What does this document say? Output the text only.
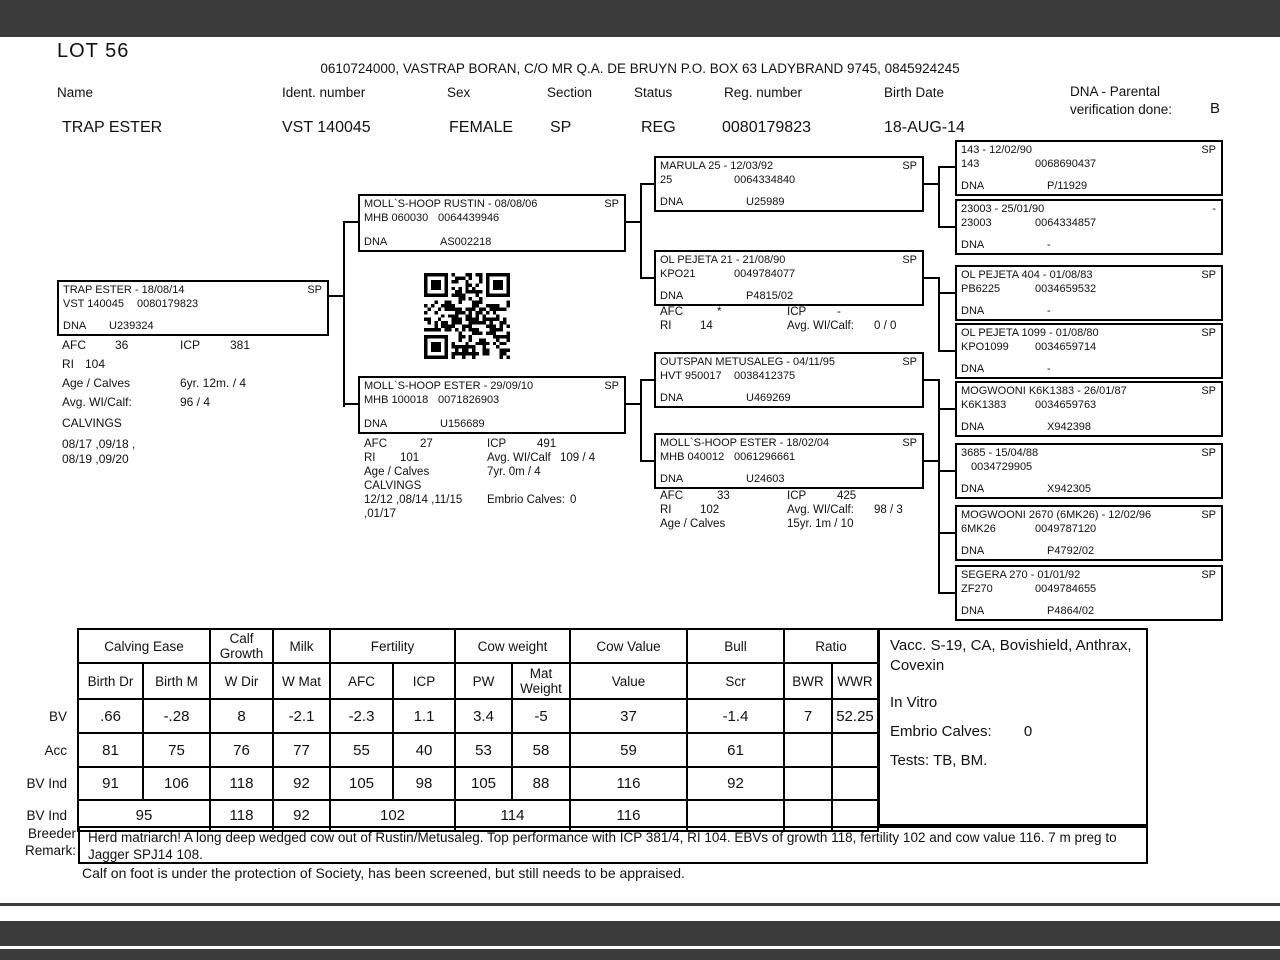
LOT 56
0610724000, VASTRAP BORAN, C/O MR Q.A. DE BRUYN P.O. BOX 63 LADYBRAND 9745, 0845924245
Name	Ident. number	Sex	Section	Status	Reg. number	Birth Date	DNA - Parental
verification done:	B
TRAP ESTER	VST 140045	FEMALE SP	REG	0080179823	18-AUG-14
TRAP ESTER - 18/08/14	SP
VST 140045	0080179823
DNA	U239324
MOLL`S-HOOP RUSTIN - 08/08/06	SP
MHB 060030 0064439946
DNA	AS002218
MOLL`S-HOOP ESTER - 29/09/10	SP
MHB 100018 0071826903
DNA	U156689
MARULA 25 - 12/03/92	SP
25	0064334840
DNA	U25989
OL PEJETA 21 - 21/08/90	SP
KPO21	0049784077
DNA	P4815/02
OUTSPAN METUSALEG - 04/11/95	SP
HVT 950017	0038412375
DNA	U469269
MOLL`S-HOOP ESTER - 18/02/04	SP
MHB 040012 0061296661
DNA	U24603
143 - 12/02/90	SP
143	0068690437
DNA	P/11929
23003 - 25/01/90	-
23003	0064334857
DNA	-
OL PEJETA 404 - 01/08/83	SP
PB6225	0034659532
DNA	-
OL PEJETA 1099 - 01/08/80	SP
KPO1099	0034659714
DNA	-
MOGWOONI K6K1383 - 26/01/87	SP
K6K1383	0034659763
DNA	X942398
3685 - 15/04/88	SP
0034729905
DNA	X942305
MOGWOONI 2670 (6MK26) - 12/02/96	SP
6MK26	0049787120
DNA	P4792/02
SEGERA 270 - 01/01/92	SP
ZF270	0049784655
DNA	P4864/02
AFC	36	ICP	381
RI 104
Age / Calves	6yr. 12m. / 4
Avg. WI/Calf:	96 / 4
CALVINGS
08/17 ,09/18 ,
08/19 ,09/20
AFC	27	ICP	491
RI	101	Avg. WI/Calf 109 / 4
Age / Calves	7yr. 0m / 4
CALVINGS
12/12 ,08/14 ,11/15	Embrio Calves: 0
,01/17
AFC	*	ICP	-
RI	14	Avg. WI/Calf:	0 / 0
AFC	33	ICP	425
RI	102	Avg. WI/Calf:	98 / 3
Age / Calves	15yr. 1m / 10
	Calving Ease		Calf Growth	Milk	Fertility		Cow weight		Cow Value	Bull	Ratio	
	Birth Dr	Birth M	W Dir	W Mat	AFC	ICP	PW	Mat Weight	Value	Scr	BWR	WWR
BV	.66	-.28	8	-2.1	-2.3	1.1	3.4	-5	37	-1.4	7	52.25
Acc	81	75	76	77	55	40	53	58	59	61		
BV Ind	91	106	118	92	105	98	105	88	116	92		
BV Ind	95		118	92	102		114		116			
Vacc. S-19, CA, Bovishield, Anthrax, Covexin
In Vitro
Embrio Calves: 0
Tests: TB, BM.
Breeder
Remark:
Herd matriarch! A long deep wedged cow out of Rustin/Metusaleg. Top performance with ICP 381/4, RI 104. EBVs of growth 118, fertility 102 and cow value 116. 7 m preg to Jagger SPJ14 108.
Calf on foot is under the protection of Society, has been screened, but still needs to be appraised.
